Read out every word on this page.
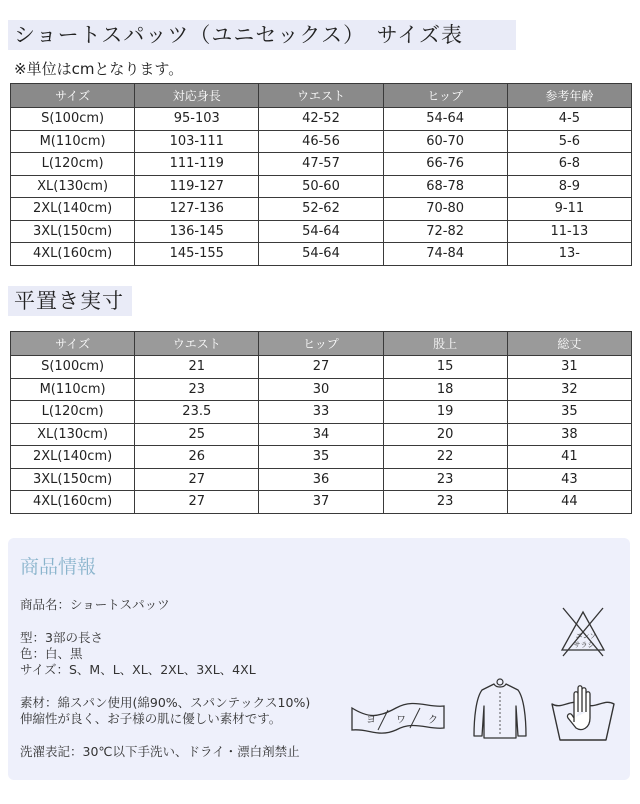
ショートスパッツ（ユニセックス）　サイズ表
※単位はcmとなります。
サイズ	対応身長	ウエスト	ヒップ	参考年齢
S(100cm)	95-103	42-52	54-64	4-5
M(110cm)	103-111	46-56	60-70	5-6
L(120cm)	111-119	47-57	66-76	6-8
XL(130cm)	119-127	50-60	68-78	8-9
2XL(140cm)	127-136	52-62	70-80	9-11
3XL(150cm)	136-145	54-64	72-82	11-13
4XL(160cm)	145-155	54-64	74-84	13-
平置き実寸
サイズ	ウエスト	ヒップ	股上	総丈
S(100cm)	21	27	15	31
M(110cm)	23	30	18	32
L(120cm)	23.5	33	19	35
XL(130cm)	25	34	20	38
2XL(140cm)	26	35	22	41
3XL(150cm)	27	36	23	43
4XL(160cm)	27	37	23	44
商品情報
商品名：ショートスパッツ
型：3部の長さ
色：白、黒
サイズ：S、M、L、XL、2XL、3XL、4XL
素材：綿スパン使用(綿90%、スパンテックス10%)
伸縮性が良く、お子様の肌に優しい素材です。
洗濯表記：30℃以下手洗い、ドライ・漂白剤禁止
エンソ
サラシ
ヨ ワ ク
